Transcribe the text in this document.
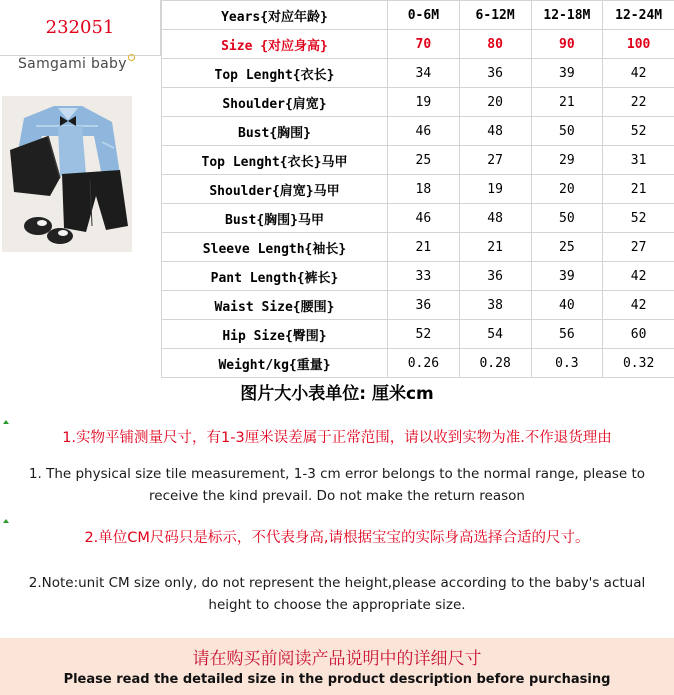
232051
Samgami baby
Years{对应年龄}	0-6M	6-12M	12-18M	12-24M
Size {对应身高}	70	80	90	100
Top Lenght{衣长}	34	36	39	42
Shoulder{肩宽}	19	20	21	22
Bust{胸围}	46	48	50	52
Top Lenght{衣长}马甲	25	27	29	31
Shoulder{肩宽}马甲	18	19	20	21
Bust{胸围}马甲	46	48	50	52
Sleeve Length{袖长}	21	21	25	27
Pant Length{裤长}	33	36	39	42
Waist Size{腰围}	36	38	40	42
Hip Size{臀围}	52	54	56	60
Weight/kg{重量}	0.26	0.28	0.3	0.32
图片大小表单位: 厘米cm
1.实物平铺测量尺寸，有1-3厘米误差属于正常范围，请以收到实物为准.不作退货理由
1. The physical size tile measurement, 1-3 cm error belongs to the normal range, please to receive the kind prevail. Do not make the return reason
2.单位CM尺码只是标示，不代表身高,请根据宝宝的实际身高选择合适的尺寸。
2.Note:unit CM size only, do not represent the height,please according to the baby's actual height to choose the appropriate size.
请在购买前阅读产品说明中的详细尺寸
Please read the detailed size in the product description before purchasing
